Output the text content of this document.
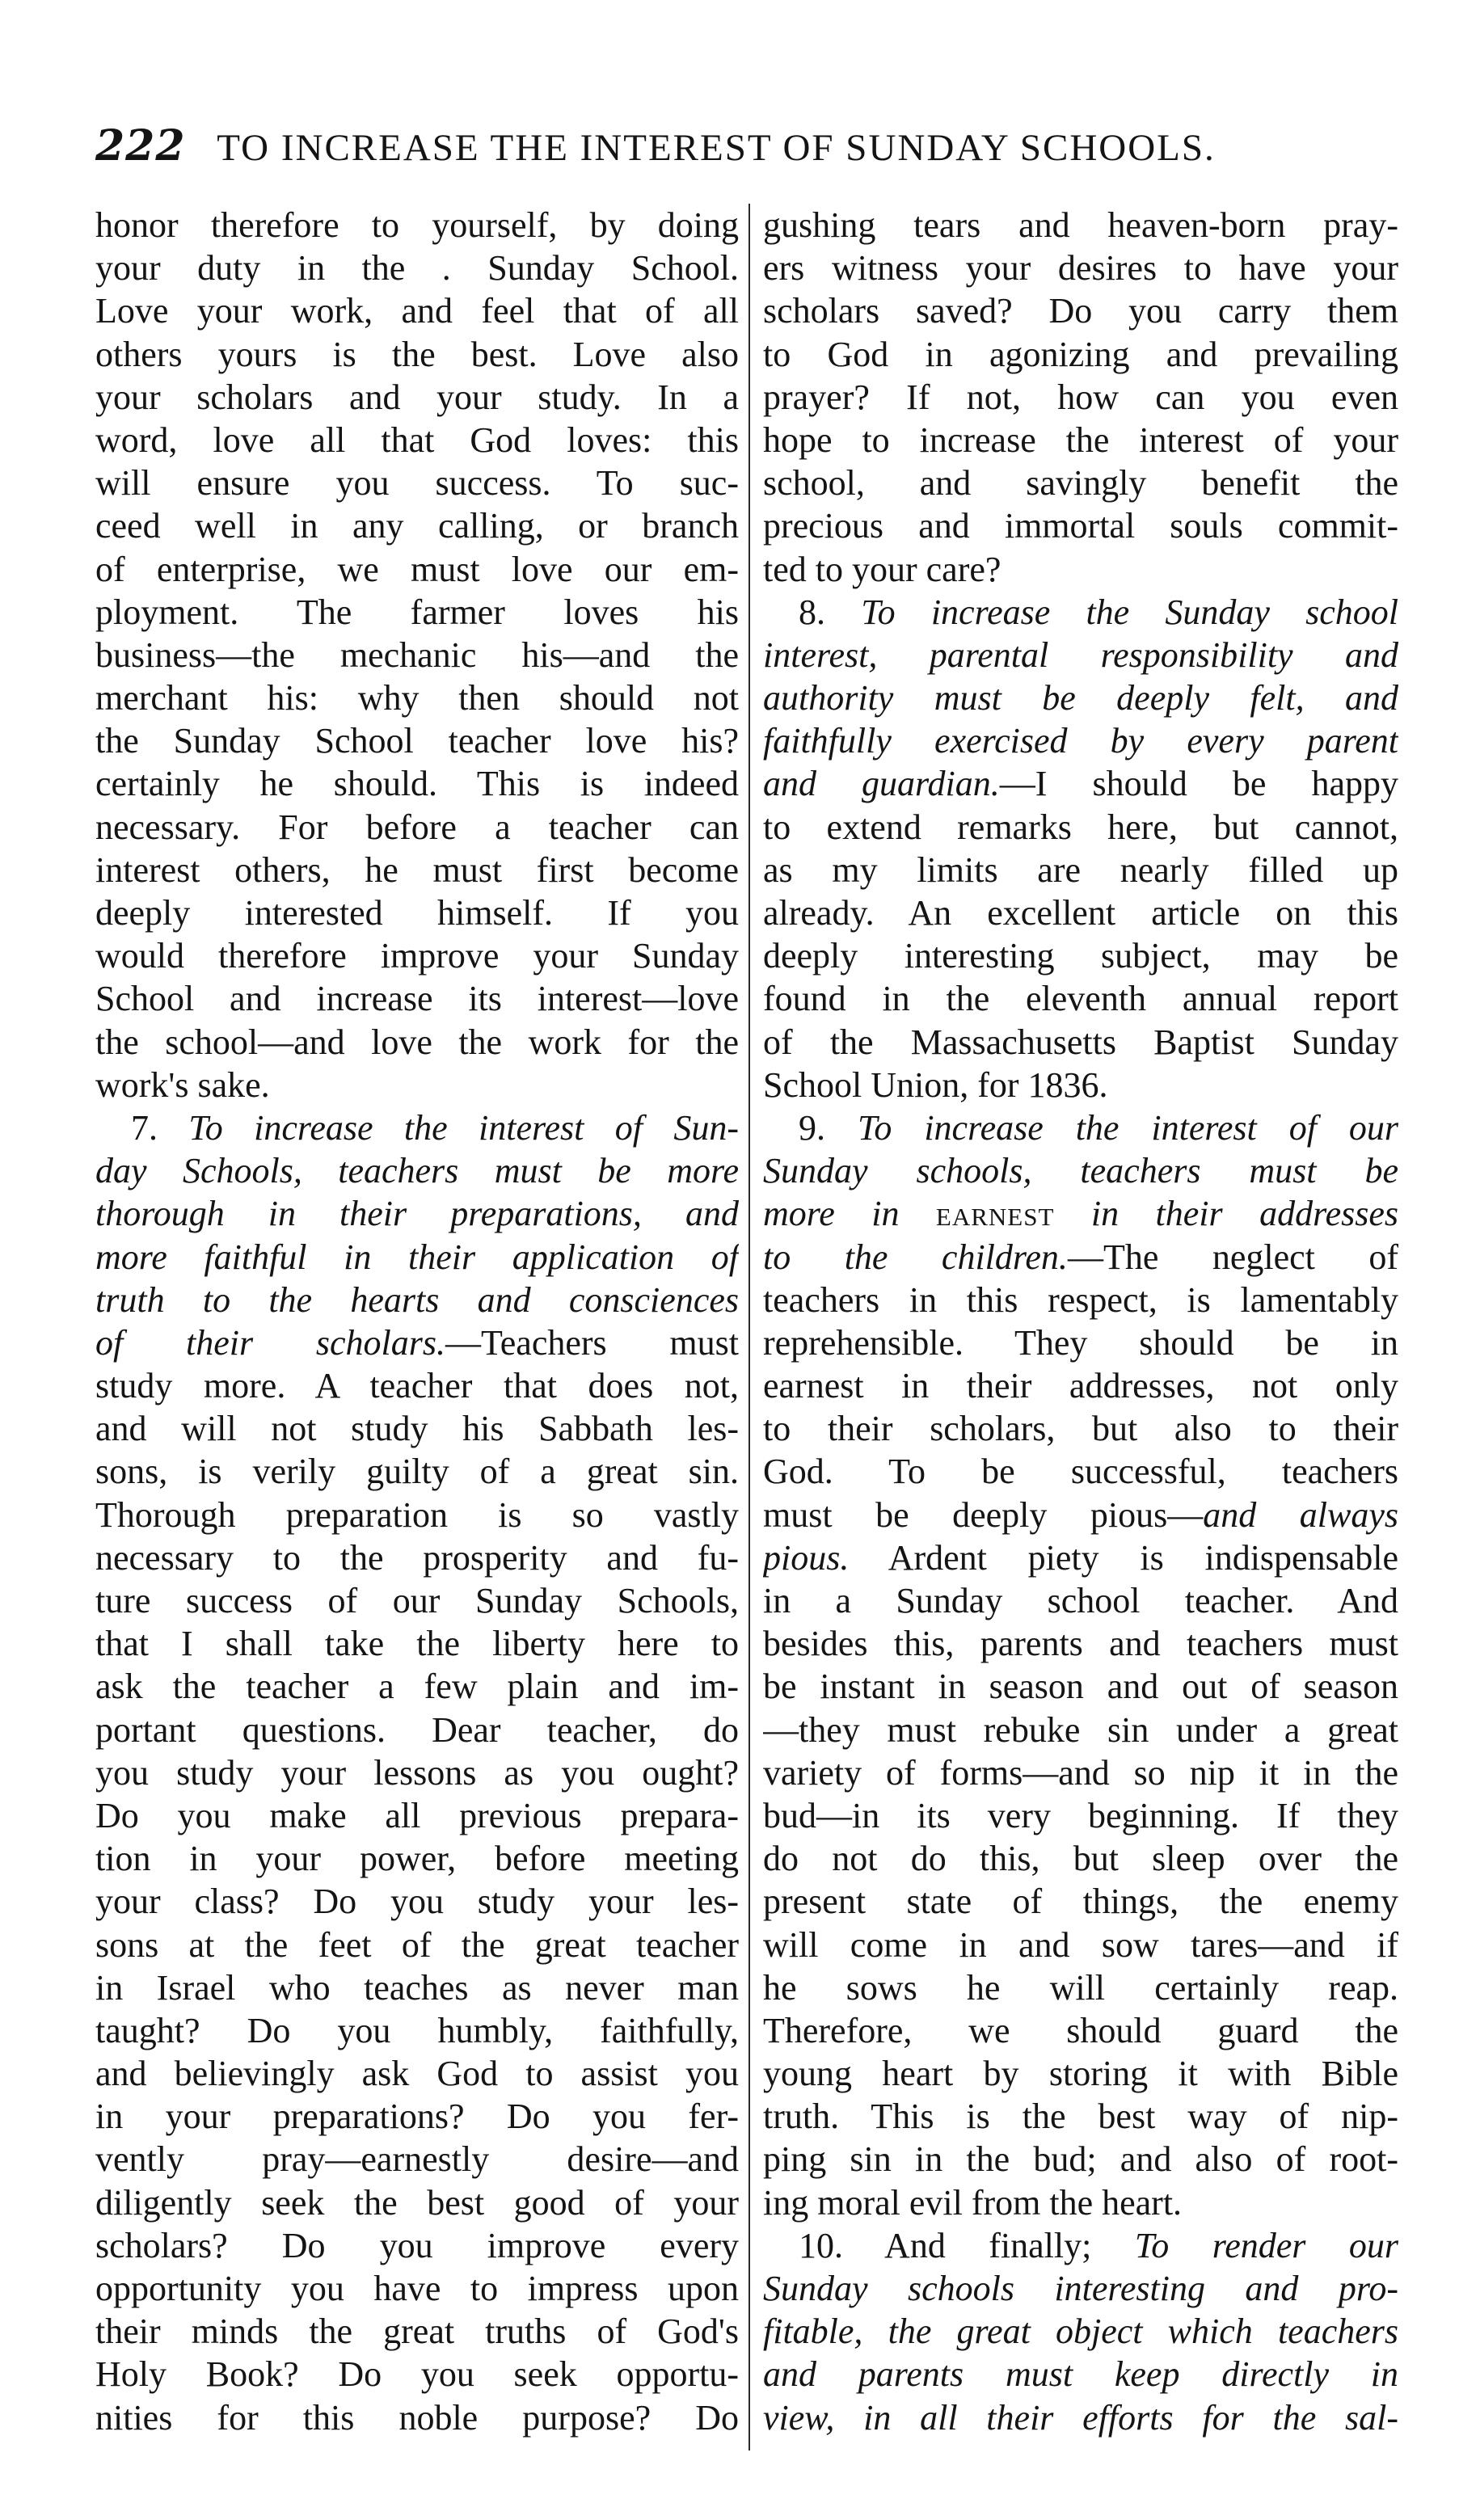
222 TO INCREASE THE INTEREST OF SUNDAY SCHOOLS.
honor therefore to yourself, by doing
your duty in the . Sunday School.
Love your work, and feel that of all
others yours is the best. Love also
your scholars and your study. In a
word, love all that God loves: this
will ensure you success. To suc-
ceed well in any calling, or branch
of enterprise, we must love our em-
ployment. The farmer loves his
business—the mechanic his—and the
merchant his: why then should not
the Sunday School teacher love his?
certainly he should. This is indeed
necessary. For before a teacher can
interest others, he must first become
deeply interested himself. If you
would therefore improve your Sunday
School and increase its interest—love
the school—and love the work for the
work's sake.
7. To increase the interest of Sun-
day Schools, teachers must be more
thorough in their preparations, and
more faithful in their application of
truth to the hearts and consciences
of their scholars.—Teachers must
study more. A teacher that does not,
and will not study his Sabbath les-
sons, is verily guilty of a great sin.
Thorough preparation is so vastly
necessary to the prosperity and fu-
ture success of our Sunday Schools,
that I shall take the liberty here to
ask the teacher a few plain and im-
portant questions. Dear teacher, do
you study your lessons as you ought?
Do you make all previous prepara-
tion in your power, before meeting
your class? Do you study your les-
sons at the feet of the great teacher
in Israel who teaches as never man
taught? Do you humbly, faithfully,
and believingly ask God to assist you
in your preparations? Do you fer-
vently pray—earnestly desire—and
diligently seek the best good of your
scholars? Do you improve every
opportunity you have to impress upon
their minds the great truths of God's
Holy Book? Do you seek opportu-
nities for this noble purpose? Do
gushing tears and heaven-born pray-
ers witness your desires to have your
scholars saved? Do you carry them
to God in agonizing and prevailing
prayer? If not, how can you even
hope to increase the interest of your
school, and savingly benefit the
precious and immortal souls commit-
ted to your care?
8. To increase the Sunday school
interest, parental responsibility and
authority must be deeply felt, and
faithfully exercised by every parent
and guardian.—I should be happy
to extend remarks here, but cannot,
as my limits are nearly filled up
already. An excellent article on this
deeply interesting subject, may be
found in the eleventh annual report
of the Massachusetts Baptist Sunday
School Union, for 1836.
9. To increase the interest of our
Sunday schools, teachers must be
more in earnest in their addresses
to the children.—The neglect of
teachers in this respect, is lamentably
reprehensible. They should be in
earnest in their addresses, not only
to their scholars, but also to their
God. To be successful, teachers
must be deeply pious—and always
pious. Ardent piety is indispensable
in a Sunday school teacher. And
besides this, parents and teachers must
be instant in season and out of season
—they must rebuke sin under a great
variety of forms—and so nip it in the
bud—in its very beginning. If they
do not do this, but sleep over the
present state of things, the enemy
will come in and sow tares—and if
he sows he will certainly reap.
Therefore, we should guard the
young heart by storing it with Bible
truth. This is the best way of nip-
ping sin in the bud; and also of root-
ing moral evil from the heart.
10. And finally; To render our
Sunday schools interesting and pro-
fitable, the great object which teachers
and parents must keep directly in
view, in all their efforts for the sal-
